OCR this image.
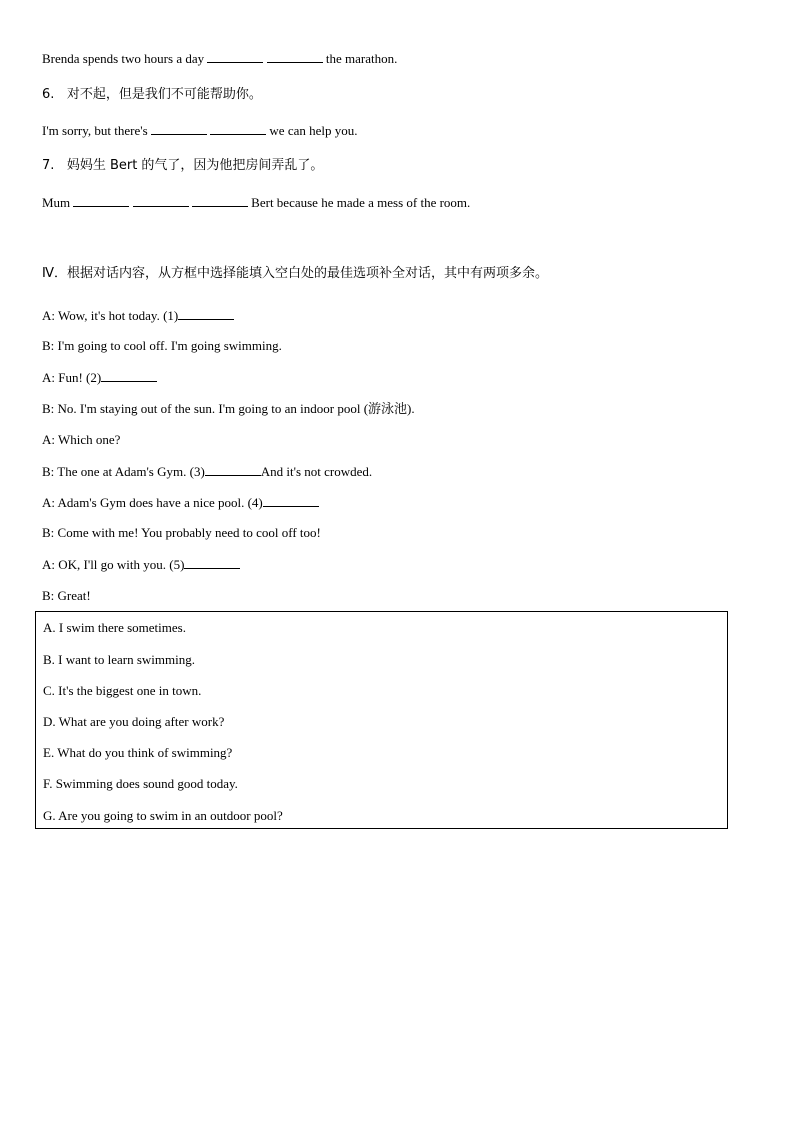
Brenda spends two hours a day	the marathon.
6. 对不起，但是我们不可能帮助你。
I'm sorry, but there's	we can help you.
7. 妈妈生 Bert 的气了，因为他把房间弄乱了。
Mum	Bert because he made a mess of the room.
Ⅳ．根据对话内容，从方框中选择能填入空白处的最佳选项补全对话，其中有两项多余。
A: Wow, it's hot today. (1)
B: I'm going to cool off. I'm going swimming.
A: Fun! (2)
B: No. I'm staying out of the sun. I'm going to an indoor pool (游泳池).
A: Which one?
B: The one at Adam's Gym. (3)	And it's not crowded.
A: Adam's Gym does have a nice pool. (4)
B: Come with me! You probably need to cool off too!
A: OK, I'll go with you. (5)
B: Great!
A. I swim there sometimes.
B. I want to learn swimming.
C. It's the biggest one in town.
D. What are you doing after work?
E. What do you think of swimming?
F. Swimming does sound good today.
G. Are you going to swim in an outdoor pool?
